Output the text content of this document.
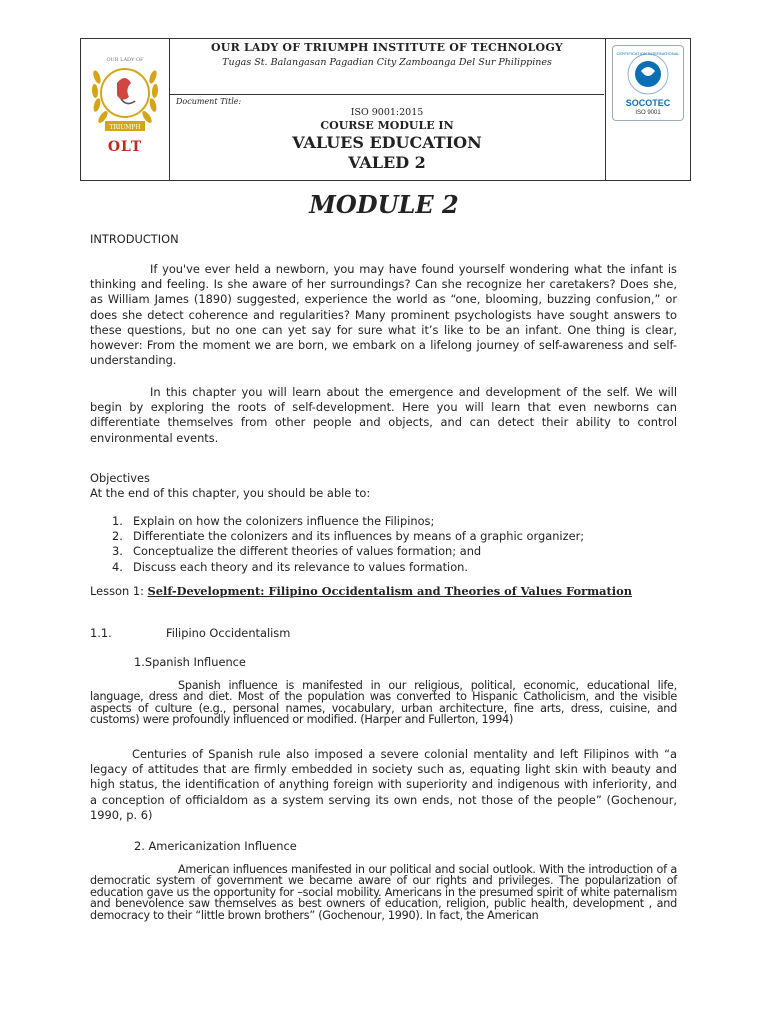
TRIUMPH
OUR LADY OF
OLT
OUR LADY OF TRIUMPH INSTITUTE OF TECHNOLOGY
Tugas St. Balangasan Pagadian City Zamboanga Del Sur Philippines
Document Title:
ISO 9001:2015
COURSE MODULE IN
VALUES EDUCATION
VALED 2
CERTIFICATION INTERNATIONAL
SOCOTEC
ISO 9001
MODULE 2
INTRODUCTION
If you've ever held a newborn, you may have found yourself wondering what the infant is thinking and feeling. Is she aware of her surroundings? Can she recognize her caretakers? Does she, as William James (1890) suggested, experience the world as “one, blooming, buzzing confusion,” or does she detect coherence and regularities? Many prominent psychologists have sought answers to these questions, but no one can yet say for sure what it’s like to be an infant. One thing is clear, however: From the moment we are born, we embark on a lifelong journey of self-awareness and self-understanding.
In this chapter you will learn about the emergence and development of the self. We will begin by exploring the roots of self-development. Here you will learn that even newborns can differentiate themselves from other people and objects, and can detect their ability to control environmental events.
Objectives
At the end of this chapter, you should be able to:
1. Explain on how the colonizers influence the Filipinos;
2. Differentiate the colonizers and its influences by means of a graphic organizer;
3. Conceptualize the different theories of values formation; and
4. Discuss each theory and its relevance to values formation.
Lesson 1: Self-Development: Filipino Occidentalism and Theories of Values Formation
1.1.	Filipino Occidentalism
1.Spanish Influence
Spanish influence is manifested in our religious, political, economic, educational life, language, dress and diet. Most of the population was converted to Hispanic Catholicism, and the visible aspects of culture (e.g., personal names, vocabulary, urban architecture, fine arts, dress, cuisine, and customs) were profoundly influenced or modified. (Harper and Fullerton, 1994)
Centuries of Spanish rule also imposed a severe colonial mentality and left Filipinos with “a legacy of attitudes that are firmly embedded in society such as, equating light skin with beauty and high status, the identification of anything foreign with superiority and indigenous with inferiority, and a conception of officialdom as a system serving its own ends, not those of the people” (Gochenour, 1990, p. 6)
2. Americanization Influence
American influences manifested in our political and social outlook. With the introduction of a democratic system of government we became aware of our rights and privileges. The popularization of education gave us the opportunity for –social mobility. Americans in the presumed spirit of white paternalism and benevolence saw themselves as best owners of education, religion, public health, development , and democracy to their “little brown brothers” (Gochenour, 1990). In fact, the American
